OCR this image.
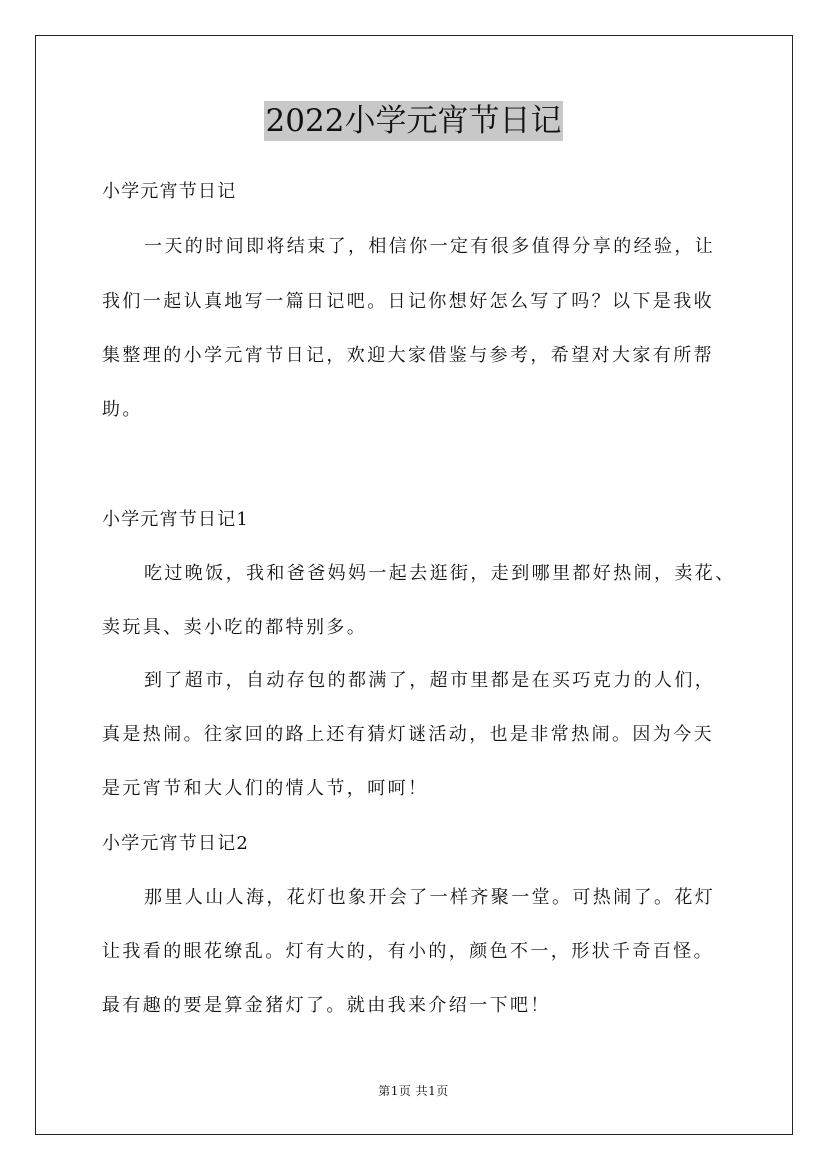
2022小学元宵节日记
小学元宵节日记
一天的时间即将结束了，相信你一定有很多值得分享的经验，让
我们一起认真地写一篇日记吧。日记你想好怎么写了吗？以下是我收
集整理的小学元宵节日记，欢迎大家借鉴与参考，希望对大家有所帮
助。
小学元宵节日记1
吃过晚饭，我和爸爸妈妈一起去逛街，走到哪里都好热闹，卖花、
卖玩具、卖小吃的都特别多。
到了超市，自动存包的都满了，超市里都是在买巧克力的人们，
真是热闹。往家回的路上还有猜灯谜活动，也是非常热闹。因为今天
是元宵节和大人们的情人节，呵呵！
小学元宵节日记2
那里人山人海，花灯也象开会了一样齐聚一堂。可热闹了。花灯
让我看的眼花缭乱。灯有大的，有小的，颜色不一，形状千奇百怪。
最有趣的要是算金猪灯了。就由我来介绍一下吧！
第1页 共1页
